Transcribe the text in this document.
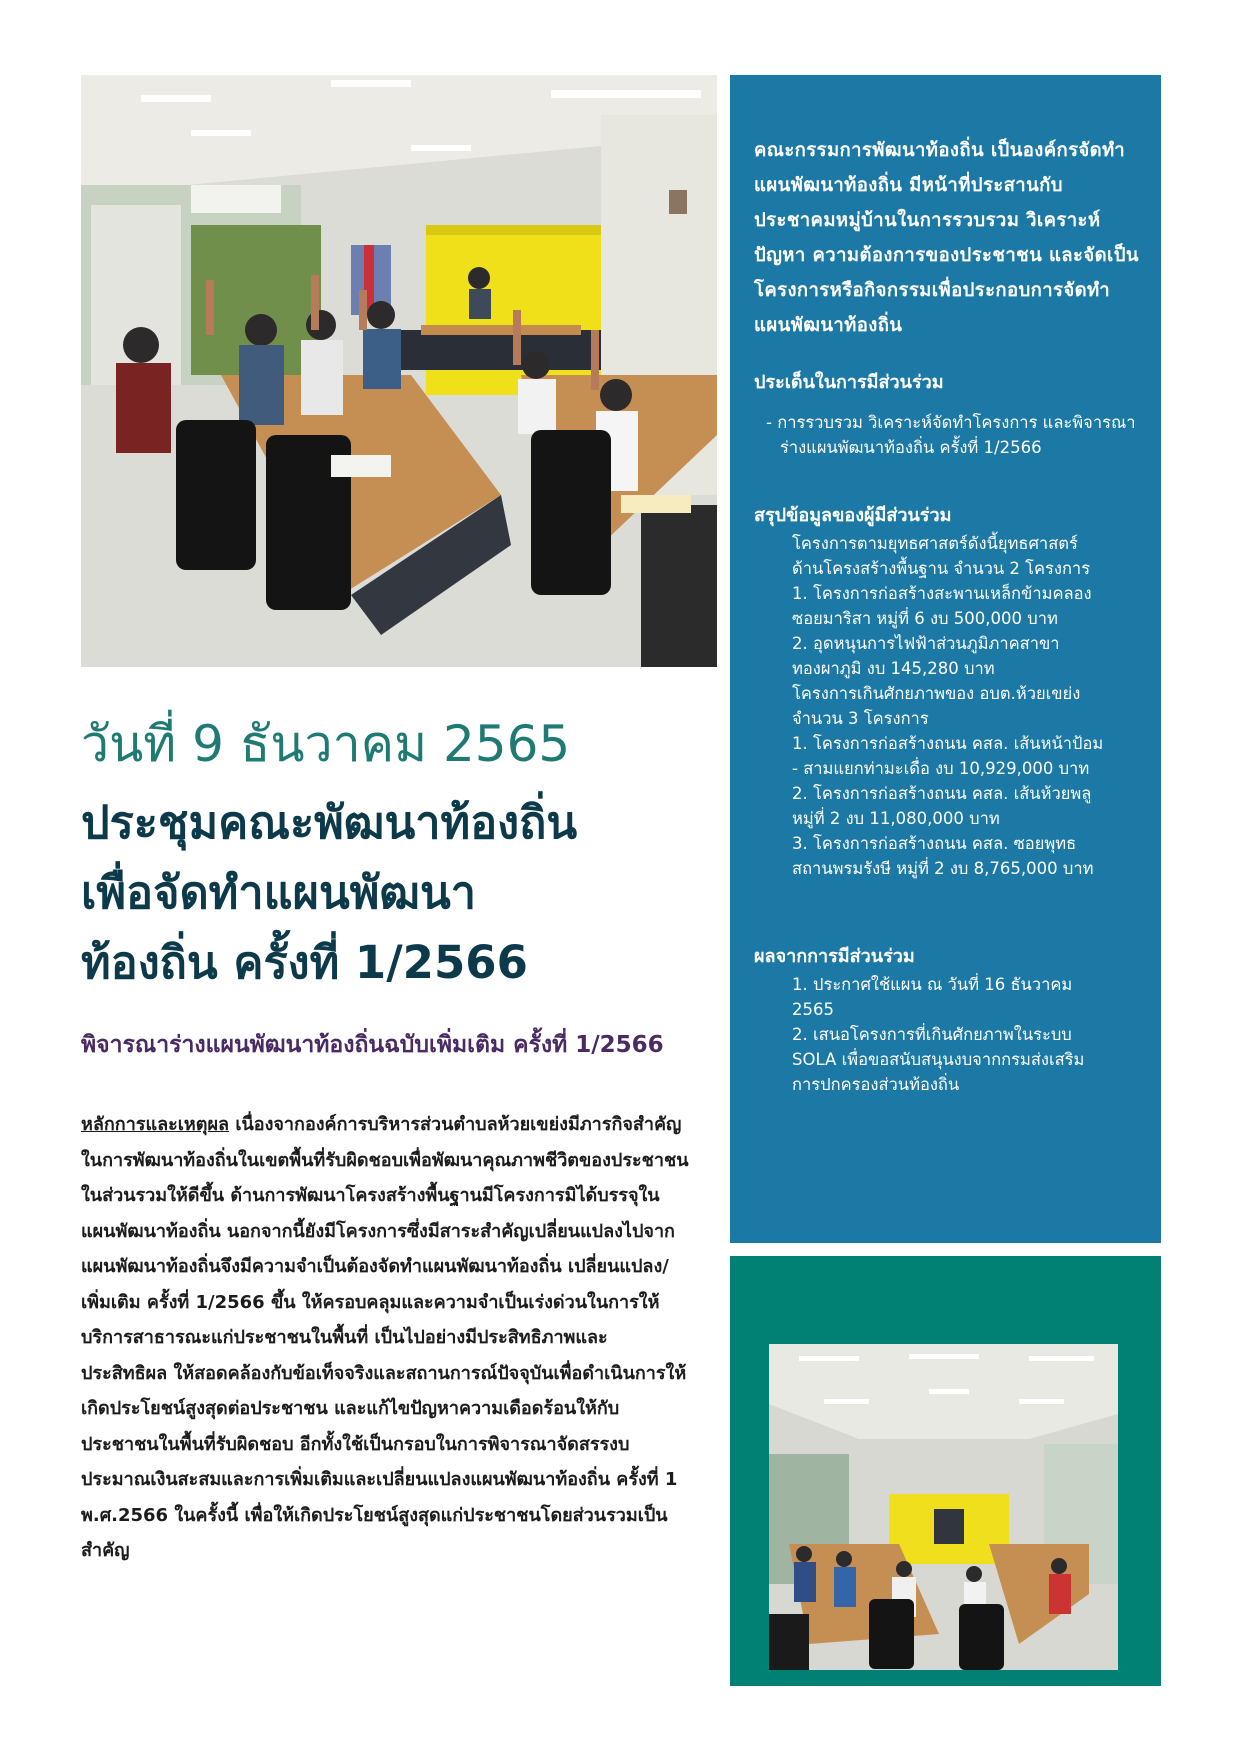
คณะกรรมการพัฒนาท้องถิ่น เป็นองค์กรจัดทำแผนพัฒนาท้องถิ่น มีหน้าที่ประสานกับประชาคมหมู่บ้านในการรวบรวม วิเคราะห์ปัญหา ความต้องการของประชาชน และจัดเป็นโครงการหรือกิจกรรมเพื่อประกอบการจัดทำแผนพัฒนาท้องถิ่น

ประเด็นในการมีส่วนร่วม

- การรวบรวม วิเคราะห์จัดทำโครงการ และพิจารณาร่างแผนพัฒนาท้องถิ่น ครั้งที่ 1/2566

สรุปข้อมูลของผู้มีส่วนร่วม

โครงการตามยุทธศาสตร์ดังนี้ยุทธศาสตร์
ด้านโครงสร้างพื้นฐาน จำนวน 2 โครงการ
1. โครงการก่อสร้างสะพานเหล็กข้ามคลอง
ซอยมาริสา หมู่ที่ 6 งบ 500,000 บาท
2. อุดหนุนการไฟฟ้าส่วนภูมิภาคสาขา
ทองผาภูมิ งบ 145,280 บาท
โครงการเกินศักยภาพของ อบต.ห้วยเขย่ง
จำนวน 3 โครงการ
1. โครงการก่อสร้างถนน คสล. เส้นหน้าป้อม
- สามแยกท่ามะเดื่อ งบ 10,929,000 บาท
2. โครงการก่อสร้างถนน คสล. เส้นห้วยพลู
หมู่ที่ 2 งบ 11,080,000 บาท
3. โครงการก่อสร้างถนน คสล. ซอยพุทธ
สถานพรมรังษี หมู่ที่ 2 งบ 8,765,000 บาท

ผลจากการมีส่วนร่วม

1. ประกาศใช้แผน ณ วันที่ 16 ธันวาคม
2565
2. เสนอโครงการที่เกินศักยภาพในระบบ
SOLA เพื่อขอสนับสนุนงบจากกรมส่งเสริม
การปกครองส่วนท้องถิ่น
วันที่ 9 ธันวาคม 2565
ประชุมคณะพัฒนาท้องถิ่น
เพื่อจัดทำแผนพัฒนา
ท้องถิ่น ครั้งที่ 1/2566
พิจารณาร่างแผนพัฒนาท้องถิ่นฉบับเพิ่มเติม ครั้งที่ 1/2566

หลักการและเหตุผล เนื่องจากองค์การบริหารส่วนตำบลห้วยเขย่งมีภารกิจสำคัญในการพัฒนาท้องถิ่นในเขตพื้นที่รับผิดชอบเพื่อพัฒนาคุณภาพชีวิตของประชาชนในส่วนรวมให้ดีขึ้น ด้านการพัฒนาโครงสร้างพื้นฐานมีโครงการมิได้บรรจุในแผนพัฒนาท้องถิ่น นอกจากนี้ยังมีโครงการซึ่งมีสาระสำคัญเปลี่ยนแปลงไปจากแผนพัฒนาท้องถิ่นจึงมีความจำเป็นต้องจัดทำแผนพัฒนาท้องถิ่น เปลี่ยนแปลง/เพิ่มเติม ครั้งที่ 1/2566 ขึ้น ให้ครอบคลุมและความจำเป็นเร่งด่วนในการให้บริการสาธารณะแก่ประชาชนในพื้นที่ เป็นไปอย่างมีประสิทธิภาพและประสิทธิผล ให้สอดคล้องกับข้อเท็จจริงและสถานการณ์ปัจจุบันเพื่อดำเนินการให้เกิดประโยชน์สูงสุดต่อประชาชน และแก้ไขปัญหาความเดือดร้อนให้กับประชาชนในพื้นที่รับผิดชอบ อีกทั้งใช้เป็นกรอบในการพิจารณาจัดสรรงบประมาณเงินสะสมและการเพิ่มเติมและเปลี่ยนแปลงแผนพัฒนาท้องถิ่น ครั้งที่ 1 พ.ศ.2566 ในครั้งนี้ เพื่อให้เกิดประโยชน์สูงสุดแก่ประชาชนโดยส่วนรวมเป็นสำคัญ
